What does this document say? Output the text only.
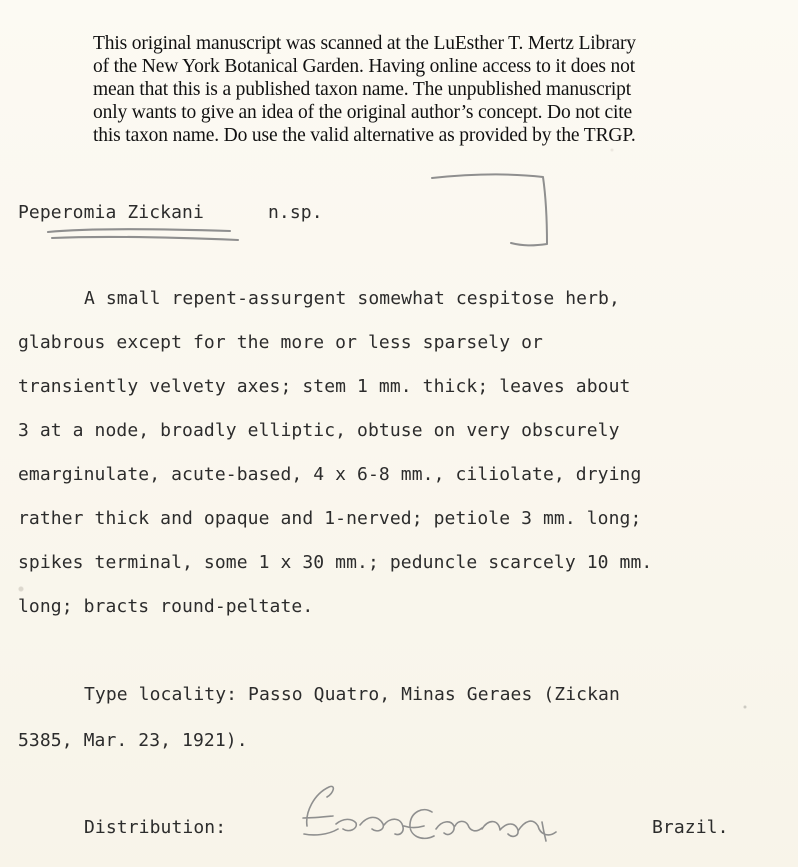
This original manuscript was scanned at the LuEsther T. Mertz Library
of the New York Botanical Garden. Having online access to it does not
mean that this is a published taxon name. The unpublished manuscript
only wants to give an idea of the original author’s concept. Do not cite
this taxon name. Do use the valid alternative as provided by the TRGP.
Peperomia Zickani	n.sp.
A small repent-assurgent somewhat cespitose herb,
glabrous except for the more or less sparsely or
transiently velvety axes; stem 1 mm. thick; leaves about
3 at a node, broadly elliptic, obtuse on very obscurely
emarginulate, acute-based, 4 x 6-8 mm., ciliolate, drying
rather thick and opaque and 1-nerved; petiole 3 mm. long;
spikes terminal, some 1 x 30 mm.; peduncle scarcely 10 mm.
long; bracts round-peltate.
Type locality: Passo Quatro, Minas Geraes (Zickan
5385, Mar. 23, 1921).
Distribution:	Brazil.
